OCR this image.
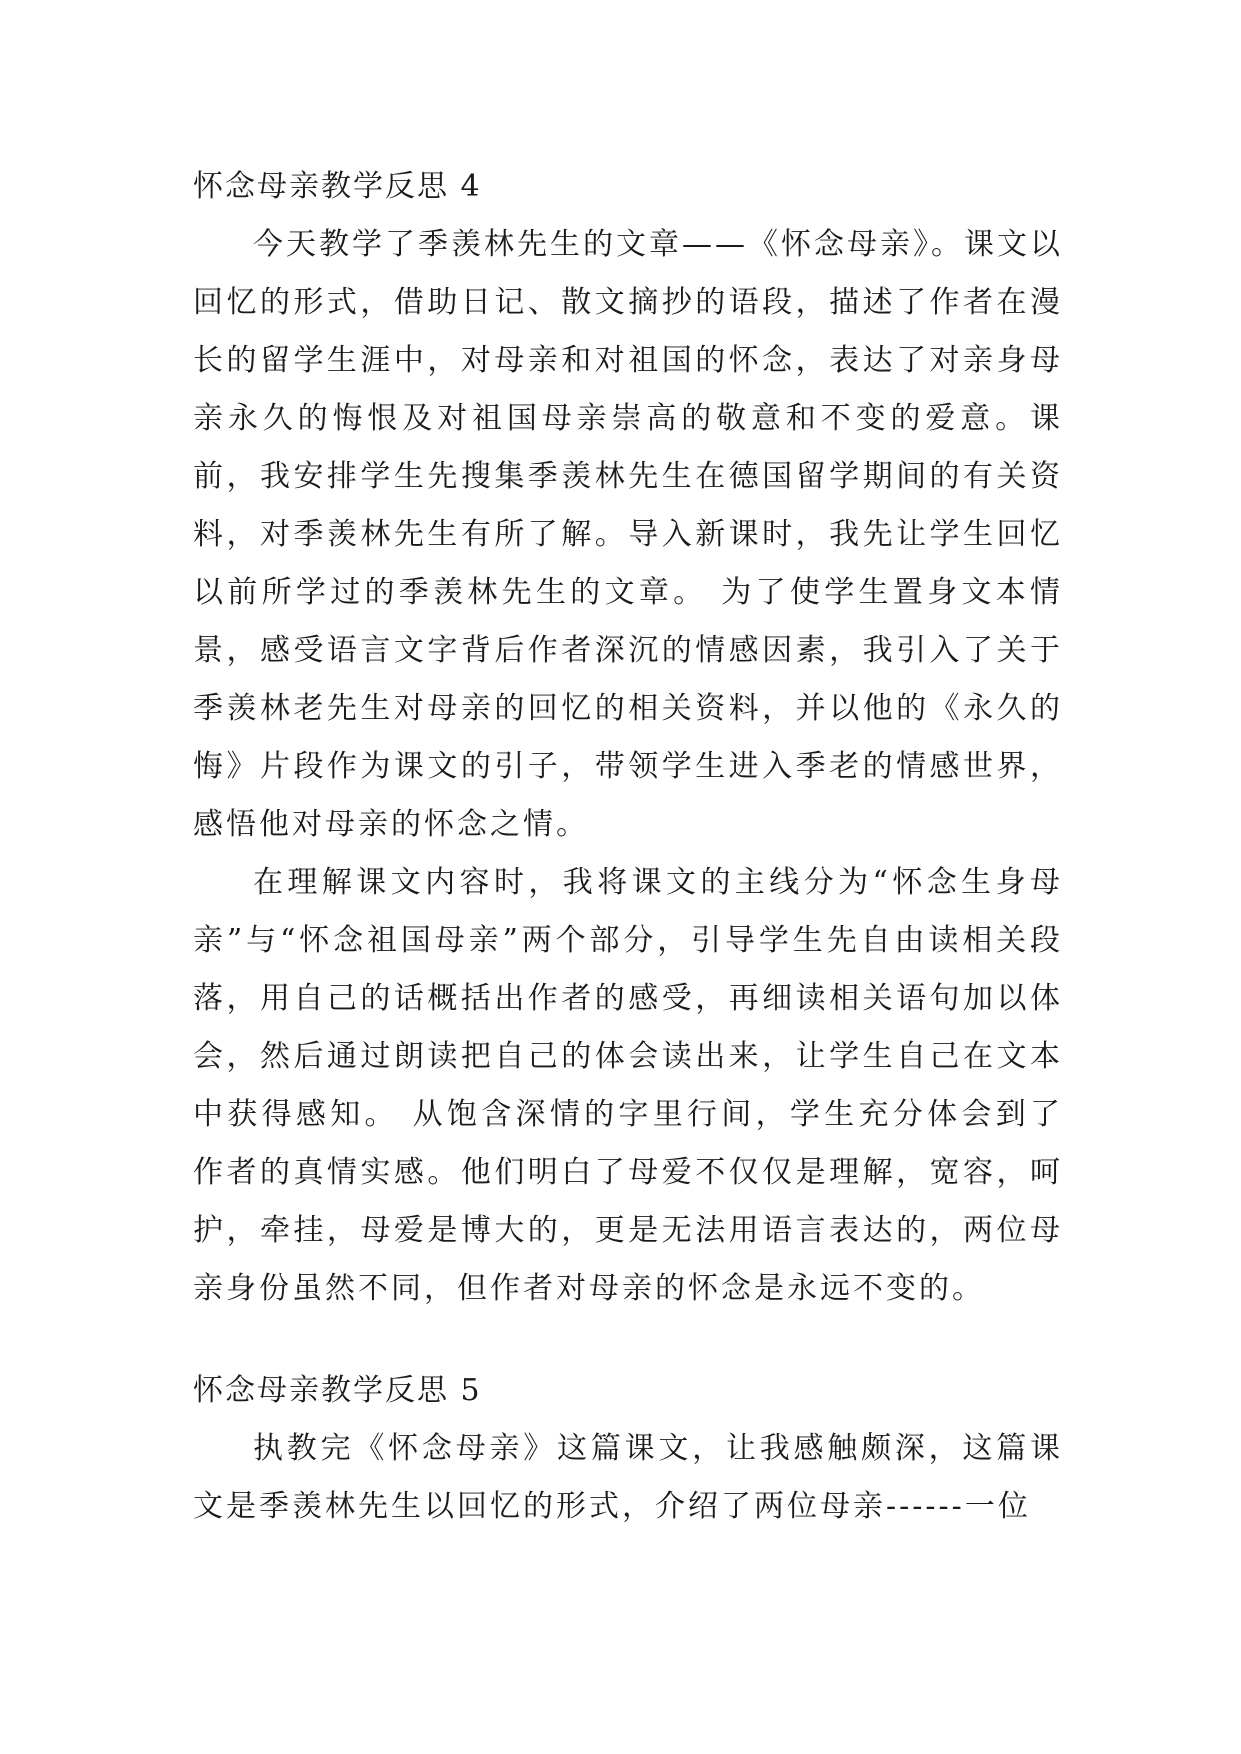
怀念母亲教学反思 4

今天教学了季羡林先生的文章——《怀念母亲》。课文以回忆的形式，借助日记、散文摘抄的语段，描述了作者在漫长的留学生涯中，对母亲和对祖国的怀念，表达了对亲身母亲永久的悔恨及对祖国母亲崇高的敬意和不变的爱意。课前，我安排学生先搜集季羡林先生在德国留学期间的有关资料，对季羡林先生有所了解。导入新课时，我先让学生回忆以前所学过的季羡林先生的文章。 为了使学生置身文本情景，感受语言文字背后作者深沉的情感因素，我引入了关于季羡林老先生对母亲的回忆的相关资料，并以他的《永久的悔》片段作为课文的引子，带领学生进入季老的情感世界，感悟他对母亲的怀念之情。

在理解课文内容时，我将课文的主线分为“怀念生身母亲”与“怀念祖国母亲”两个部分，引导学生先自由读相关段落，用自己的话概括出作者的感受，再细读相关语句加以体会，然后通过朗读把自己的体会读出来，让学生自己在文本中获得感知。 从饱含深情的字里行间，学生充分体会到了作者的真情实感。他们明白了母爱不仅仅是理解，宽容，呵护，牵挂，母爱是博大的，更是无法用语言表达的，两位母亲身份虽然不同，但作者对母亲的怀念是永远不变的。

怀念母亲教学反思 5

执教完《怀念母亲》这篇课文，让我感触颇深，这篇课文是季羡林先生以回忆的形式，介绍了两位母亲------一位
